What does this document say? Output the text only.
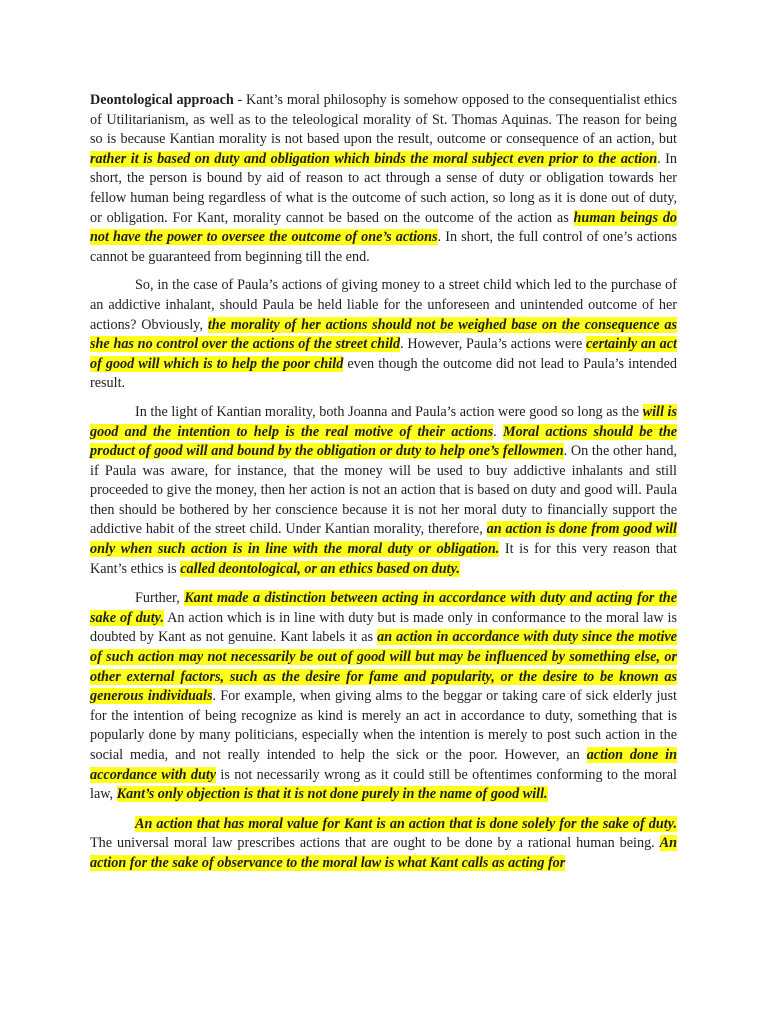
Deontological approach - Kant’s moral philosophy is somehow opposed to the consequentialist ethics of Utilitarianism, as well as to the teleological morality of St. Thomas Aquinas. The reason for being so is because Kantian morality is not based upon the result, outcome or consequence of an action, but rather it is based on duty and obligation which binds the moral subject even prior to the action. In short, the person is bound by aid of reason to act through a sense of duty or obligation towards her fellow human being regardless of what is the outcome of such action, so long as it is done out of duty, or obligation. For Kant, morality cannot be based on the outcome of the action as human beings do not have the power to oversee the outcome of one’s actions. In short, the full control of one’s actions cannot be guaranteed from beginning till the end.

So, in the case of Paula’s actions of giving money to a street child which led to the purchase of an addictive inhalant, should Paula be held liable for the unforeseen and unintended outcome of her actions? Obviously, the morality of her actions should not be weighed base on the consequence as she has no control over the actions of the street child. However, Paula’s actions were certainly an act of good will which is to help the poor child even though the outcome did not lead to Paula’s intended result.

In the light of Kantian morality, both Joanna and Paula’s action were good so long as the will is good and the intention to help is the real motive of their actions. Moral actions should be the product of good will and bound by the obligation or duty to help one’s fellowmen. On the other hand, if Paula was aware, for instance, that the money will be used to buy addictive inhalants and still proceeded to give the money, then her action is not an action that is based on duty and good will. Paula then should be bothered by her conscience because it is not her moral duty to financially support the addictive habit of the street child. Under Kantian morality, therefore, an action is done from good will only when such action is in line with the moral duty or obligation. It is for this very reason that Kant’s ethics is called deontological, or an ethics based on duty.

Further, Kant made a distinction between acting in accordance with duty and acting for the sake of duty. An action which is in line with duty but is made only in conformance to the moral law is doubted by Kant as not genuine. Kant labels it as an action in accordance with duty since the motive of such action may not necessarily be out of good will but may be influenced by something else, or other external factors, such as the desire for fame and popularity, or the desire to be known as generous individuals. For example, when giving alms to the beggar or taking care of sick elderly just for the intention of being recognize as kind is merely an act in accordance to duty, something that is popularly done by many politicians, especially when the intention is merely to post such action in the social media, and not really intended to help the sick or the poor. However, an action done in accordance with duty is not necessarily wrong as it could still be oftentimes conforming to the moral law, Kant’s only objection is that it is not done purely in the name of good will.

An action that has moral value for Kant is an action that is done solely for the sake of duty. The universal moral law prescribes actions that are ought to be done by a rational human being. An action for the sake of observance to the moral law is what Kant calls as acting for
